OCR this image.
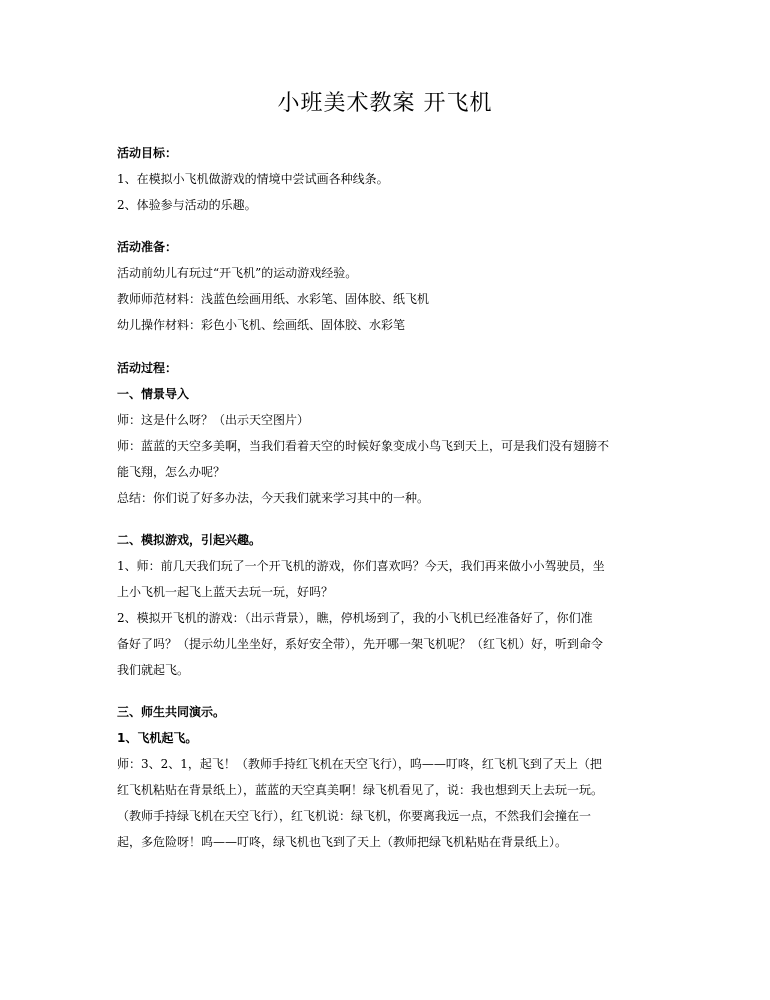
小班美术教案 开飞机
活动目标：
1、在模拟小飞机做游戏的情境中尝试画各种线条。
2、体验参与活动的乐趣。
活动准备：
活动前幼儿有玩过“开飞机”的运动游戏经验。
教师师范材料：浅蓝色绘画用纸、水彩笔、固体胶、纸飞机
幼儿操作材料：彩色小飞机、绘画纸、固体胶、水彩笔
活动过程：
一、情景导入
师：这是什么呀？（出示天空图片）
师：蓝蓝的天空多美啊，当我们看着天空的时候好象变成小鸟飞到天上，可是我们没有翅膀不
能飞翔，怎么办呢？
总结：你们说了好多办法，今天我们就来学习其中的一种。
二、模拟游戏，引起兴趣。
1、师：前几天我们玩了一个开飞机的游戏，你们喜欢吗？今天，我们再来做小小驾驶员，坐
上小飞机一起飞上蓝天去玩一玩，好吗？
2、模拟开飞机的游戏：（出示背景），瞧，停机场到了，我的小飞机已经准备好了，你们准
备好了吗？（提示幼儿坐坐好，系好安全带），先开哪一架飞机呢？（红飞机）好，听到命令
我们就起飞。
三、师生共同演示。
1、飞机起飞。
师：3、2、1，起飞！（教师手持红飞机在天空飞行），呜——叮咚，红飞机飞到了天上（把
红飞机粘贴在背景纸上），蓝蓝的天空真美啊！绿飞机看见了，说：我也想到天上去玩一玩。
（教师手持绿飞机在天空飞行），红飞机说：绿飞机，你要离我远一点，不然我们会撞在一
起，多危险呀！呜——叮咚，绿飞机也飞到了天上（教师把绿飞机粘贴在背景纸上）。
